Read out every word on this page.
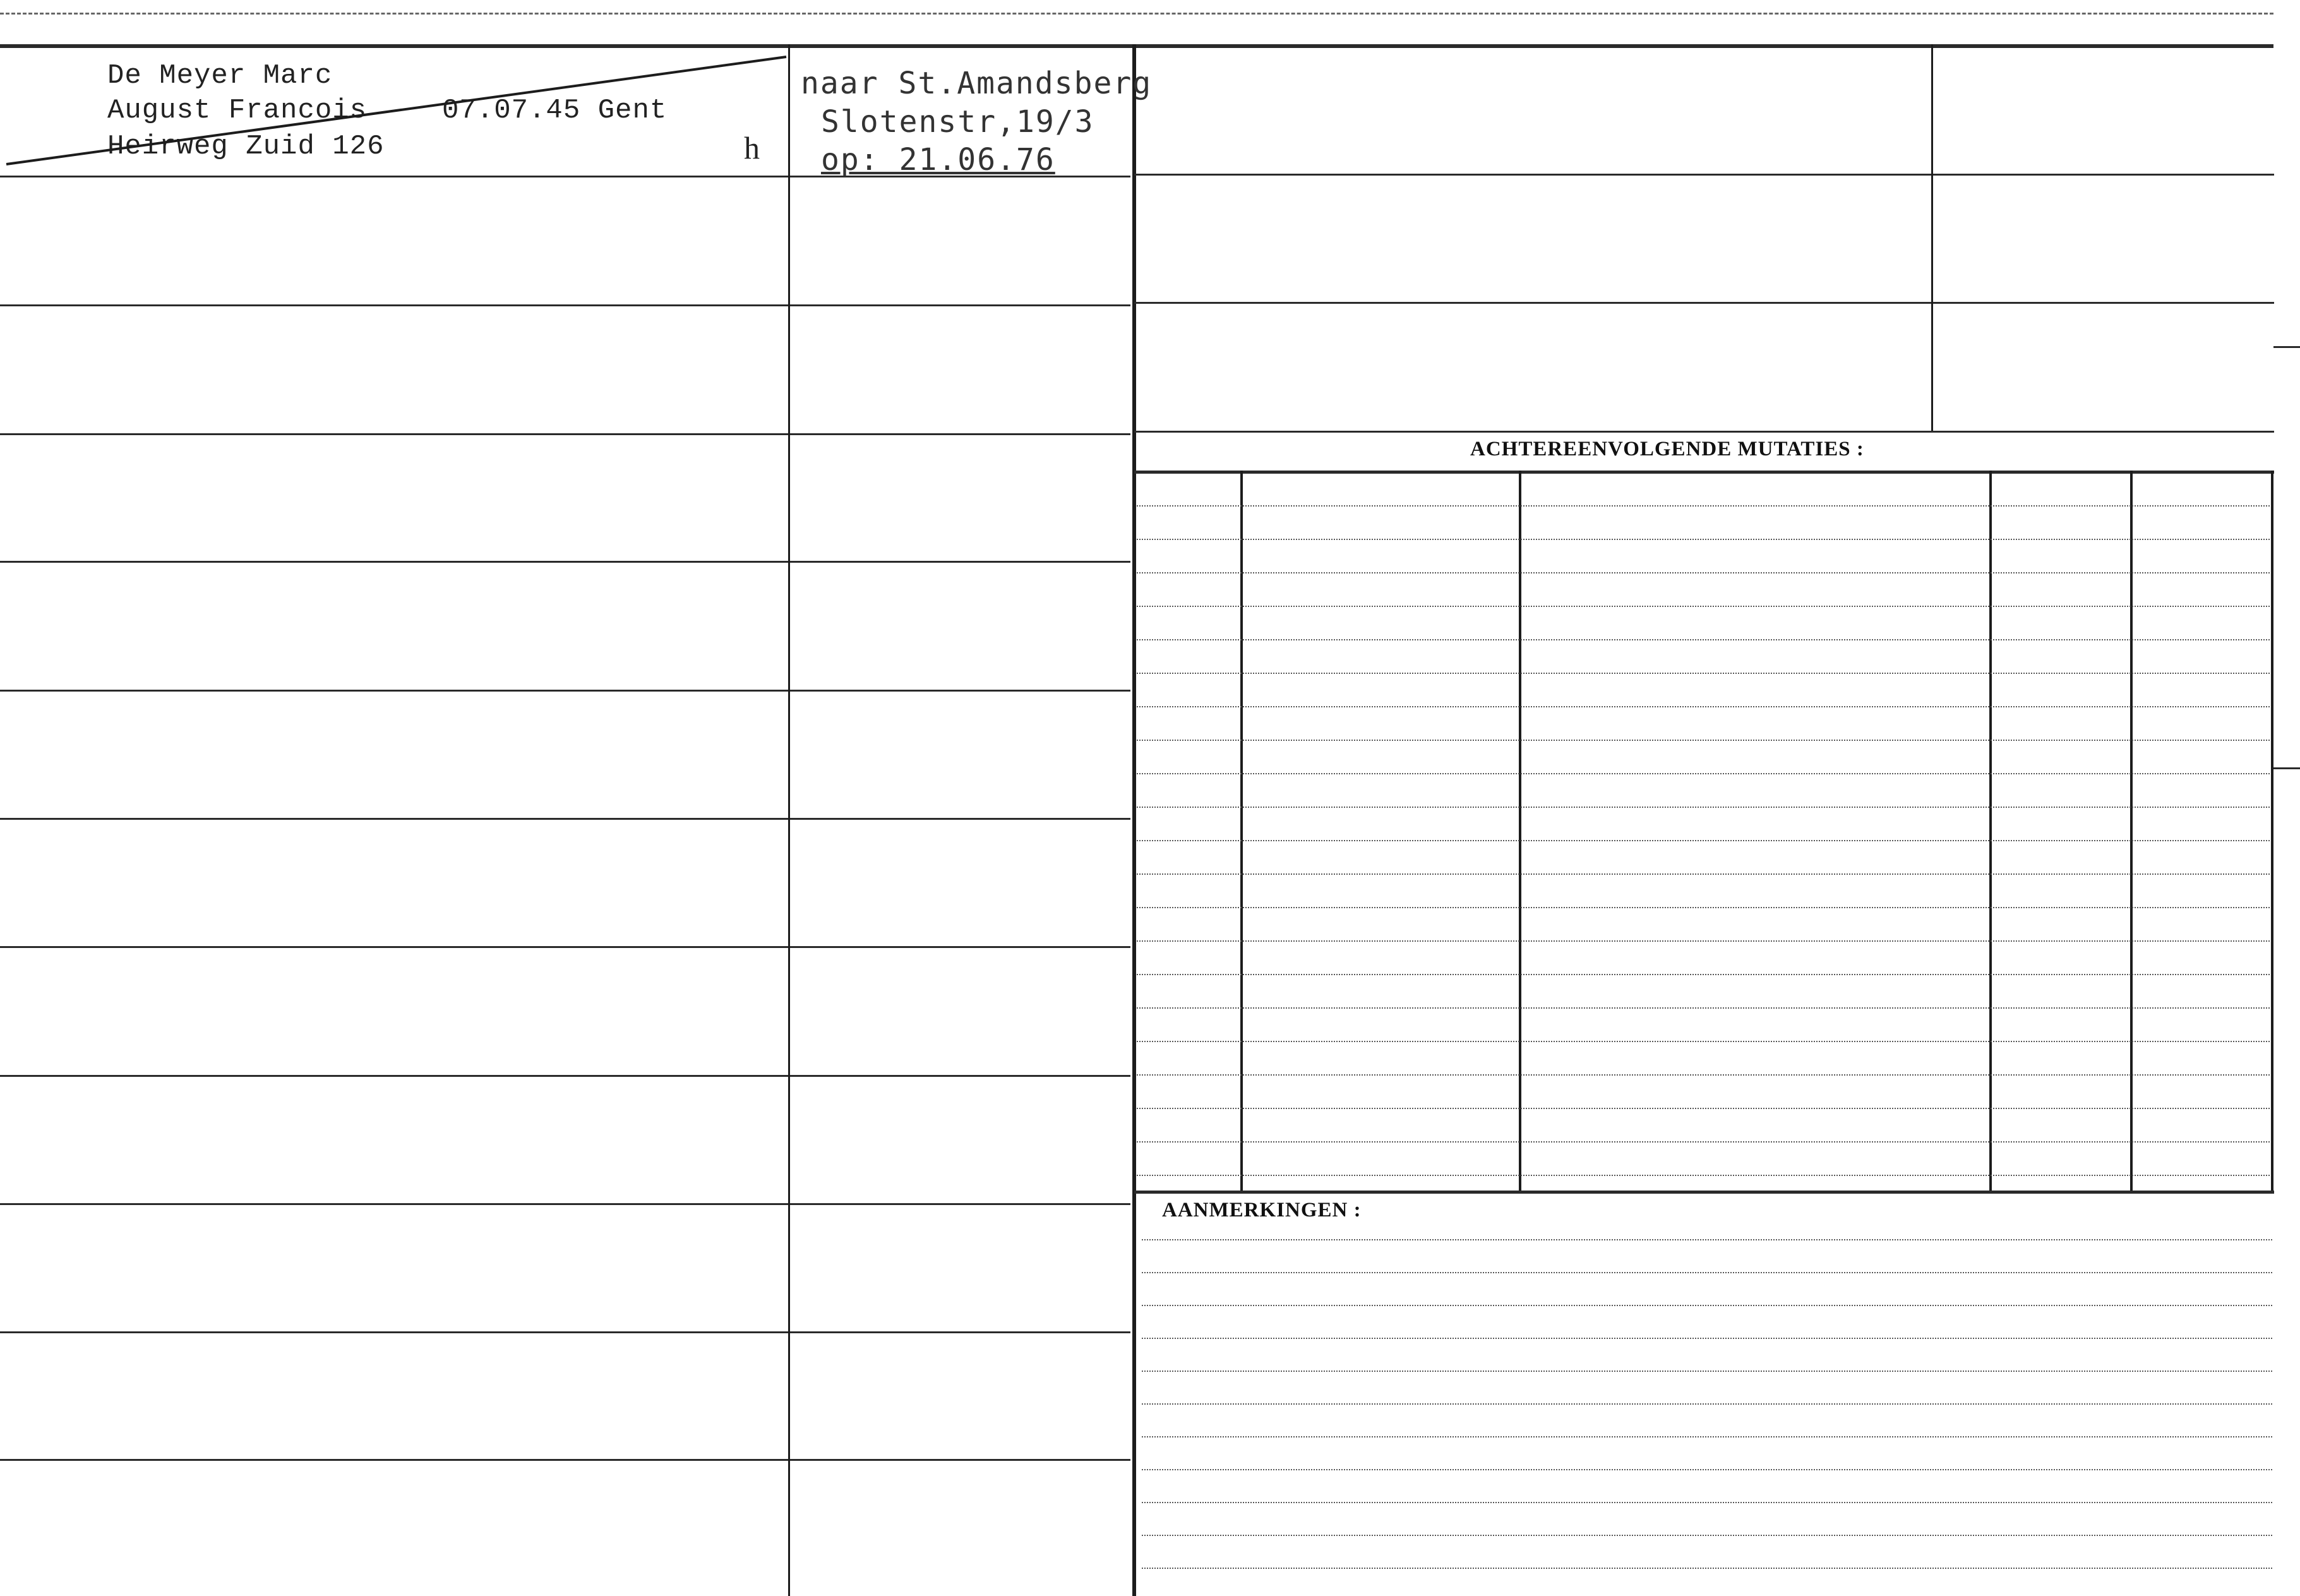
De Meyer Marc
August Francois	07.07.45 Gent
Heirweg Zuid 126	h
naar St.Amandsberg
Slotenstr,19/3
op: 21.06.76
ACHTEREENVOLGENDE MUTATIES :
AANMERKINGEN :
